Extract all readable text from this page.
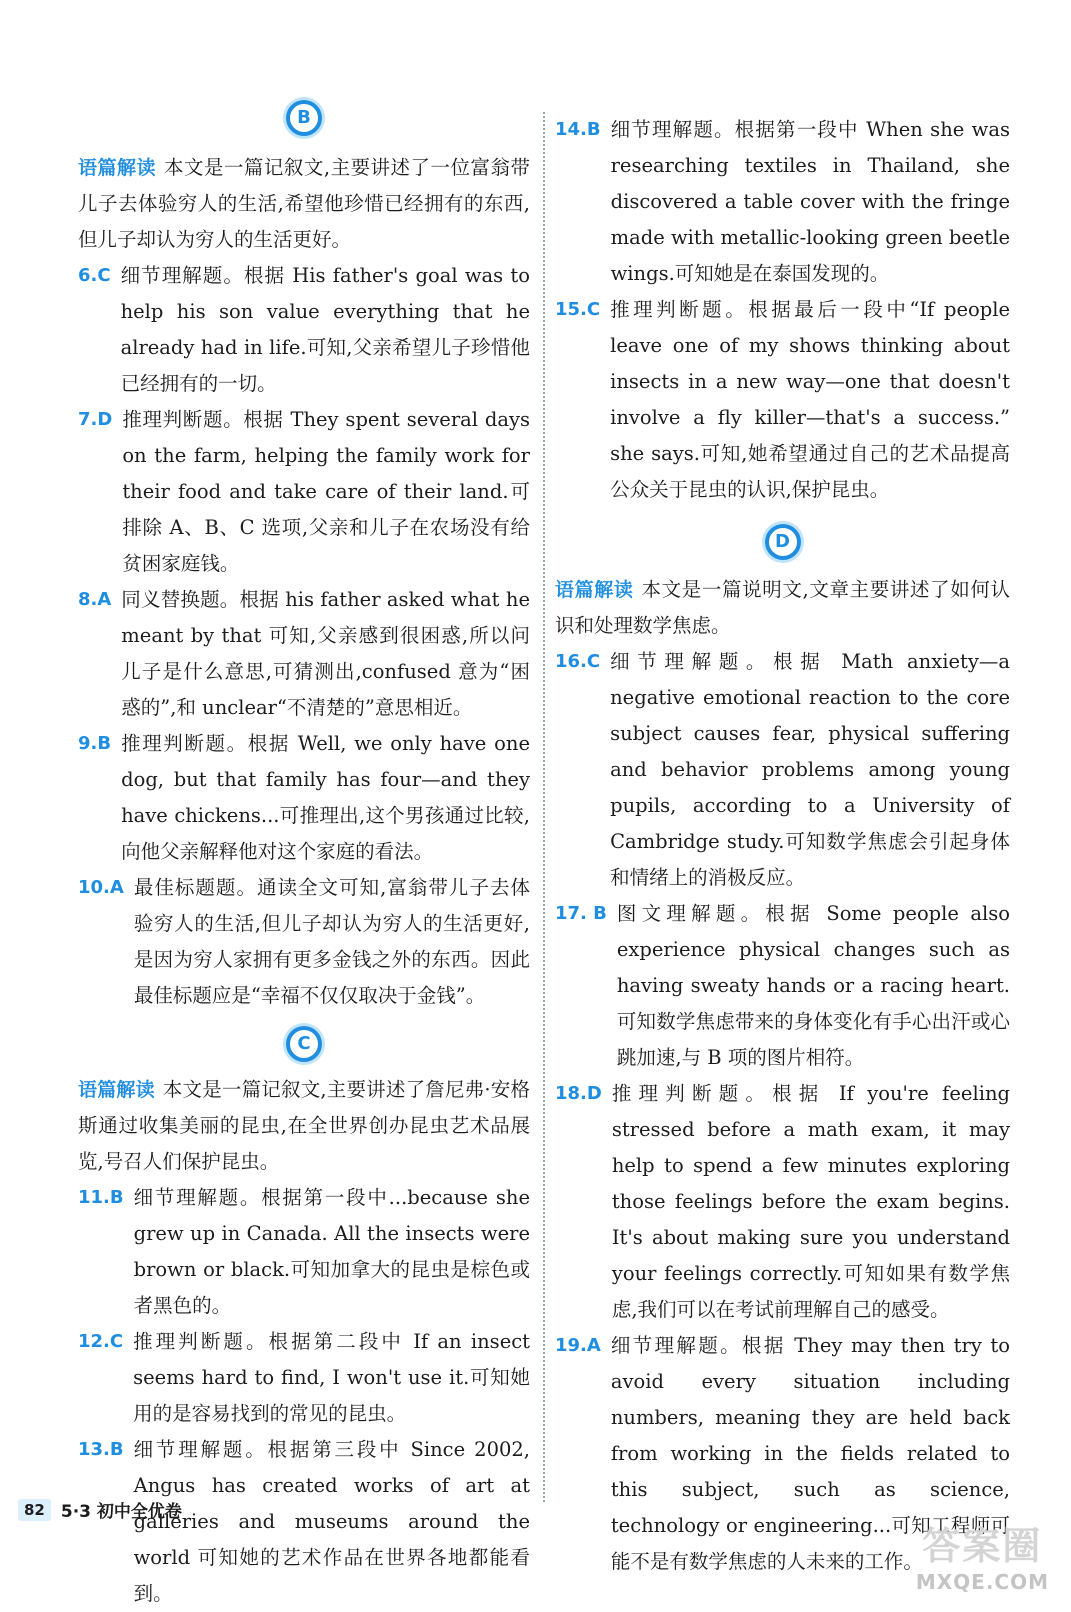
B

语篇解读 本文是一篇记叙文,主要讲述了一位富翁带儿子去体验穷人的生活,希望他珍惜已经拥有的东西,但儿子却认为穷人的生活更好。

6.C 细节理解题。根据 His father's goal was to help his son value everything that he already had in life.可知,父亲希望儿子珍惜他已经拥有的一切。

7.D 推理判断题。根据 They spent several days on the farm, helping the family work for their food and take care of their land.可排除 A、B、C 选项,父亲和儿子在农场没有给贫困家庭钱。

8.A 同义替换题。根据 his father asked what he meant by that 可知,父亲感到很困惑,所以问儿子是什么意思,可猜测出,confused 意为“困惑的”,和 unclear“不清楚的”意思相近。

9.B 推理判断题。根据 Well, we only have one dog, but that family has four—and they have chickens...可推理出,这个男孩通过比较,向他父亲解释他对这个家庭的看法。

10.A 最佳标题题。通读全文可知,富翁带儿子去体验穷人的生活,但儿子却认为穷人的生活更好,是因为穷人家拥有更多金钱之外的东西。因此最佳标题应是“幸福不仅仅取决于金钱”。

C

语篇解读 本文是一篇记叙文,主要讲述了詹尼弗·安格斯通过收集美丽的昆虫,在全世界创办昆虫艺术品展览,号召人们保护昆虫。

11.B 细节理解题。根据第一段中...because she grew up in Canada. All the insects were brown or black.可知加拿大的昆虫是棕色或者黑色的。

12.C 推理判断题。根据第二段中 If an insect seems hard to find, I won't use it.可知她用的是容易找到的常见的昆虫。

13.B 细节理解题。根据第三段中 Since 2002, Angus has created works of art at galleries and museums around the world 可知她的艺术作品在世界各地都能看到。

14.B 细节理解题。根据第一段中 When she was researching textiles in Thailand, she discovered a table cover with the fringe made with metallic-looking green beetle wings.可知她是在泰国发现的。

15.C 推理判断题。根据最后一段中“If people leave one of my shows thinking about insects in a new way—one that doesn't involve a fly killer—that's a success.” she says.可知,她希望通过自己的艺术品提高公众关于昆虫的认识,保护昆虫。

D

语篇解读 本文是一篇说明文,文章主要讲述了如何认识和处理数学焦虑。

16.C 细节理解题。根据 Math anxiety—a negative emotional reaction to the core subject causes fear, physical suffering and behavior problems among young pupils, according to a University of Cambridge study.可知数学焦虑会引起身体和情绪上的消极反应。

17. B 图文理解题。根据 Some people also experience physical changes such as having sweaty hands or a racing heart.可知数学焦虑带来的身体变化有手心出汗或心跳加速,与 B 项的图片相符。

18.D 推理判断题。根据 If you're feeling stressed before a math exam, it may help to spend a few minutes exploring those feelings before the exam begins. It's about making sure you understand your feelings correctly.可知如果有数学焦虑,我们可以在考试前理解自己的感受。

19.A 细节理解题。根据 They may then try to avoid every situation including numbers, meaning they are held back from working in the fields related to this subject, such as science, technology or engineering...可知工程师可能不是有数学焦虑的人未来的工作。

82 5·3 初中全优卷
答案圈
MXQE.COM
